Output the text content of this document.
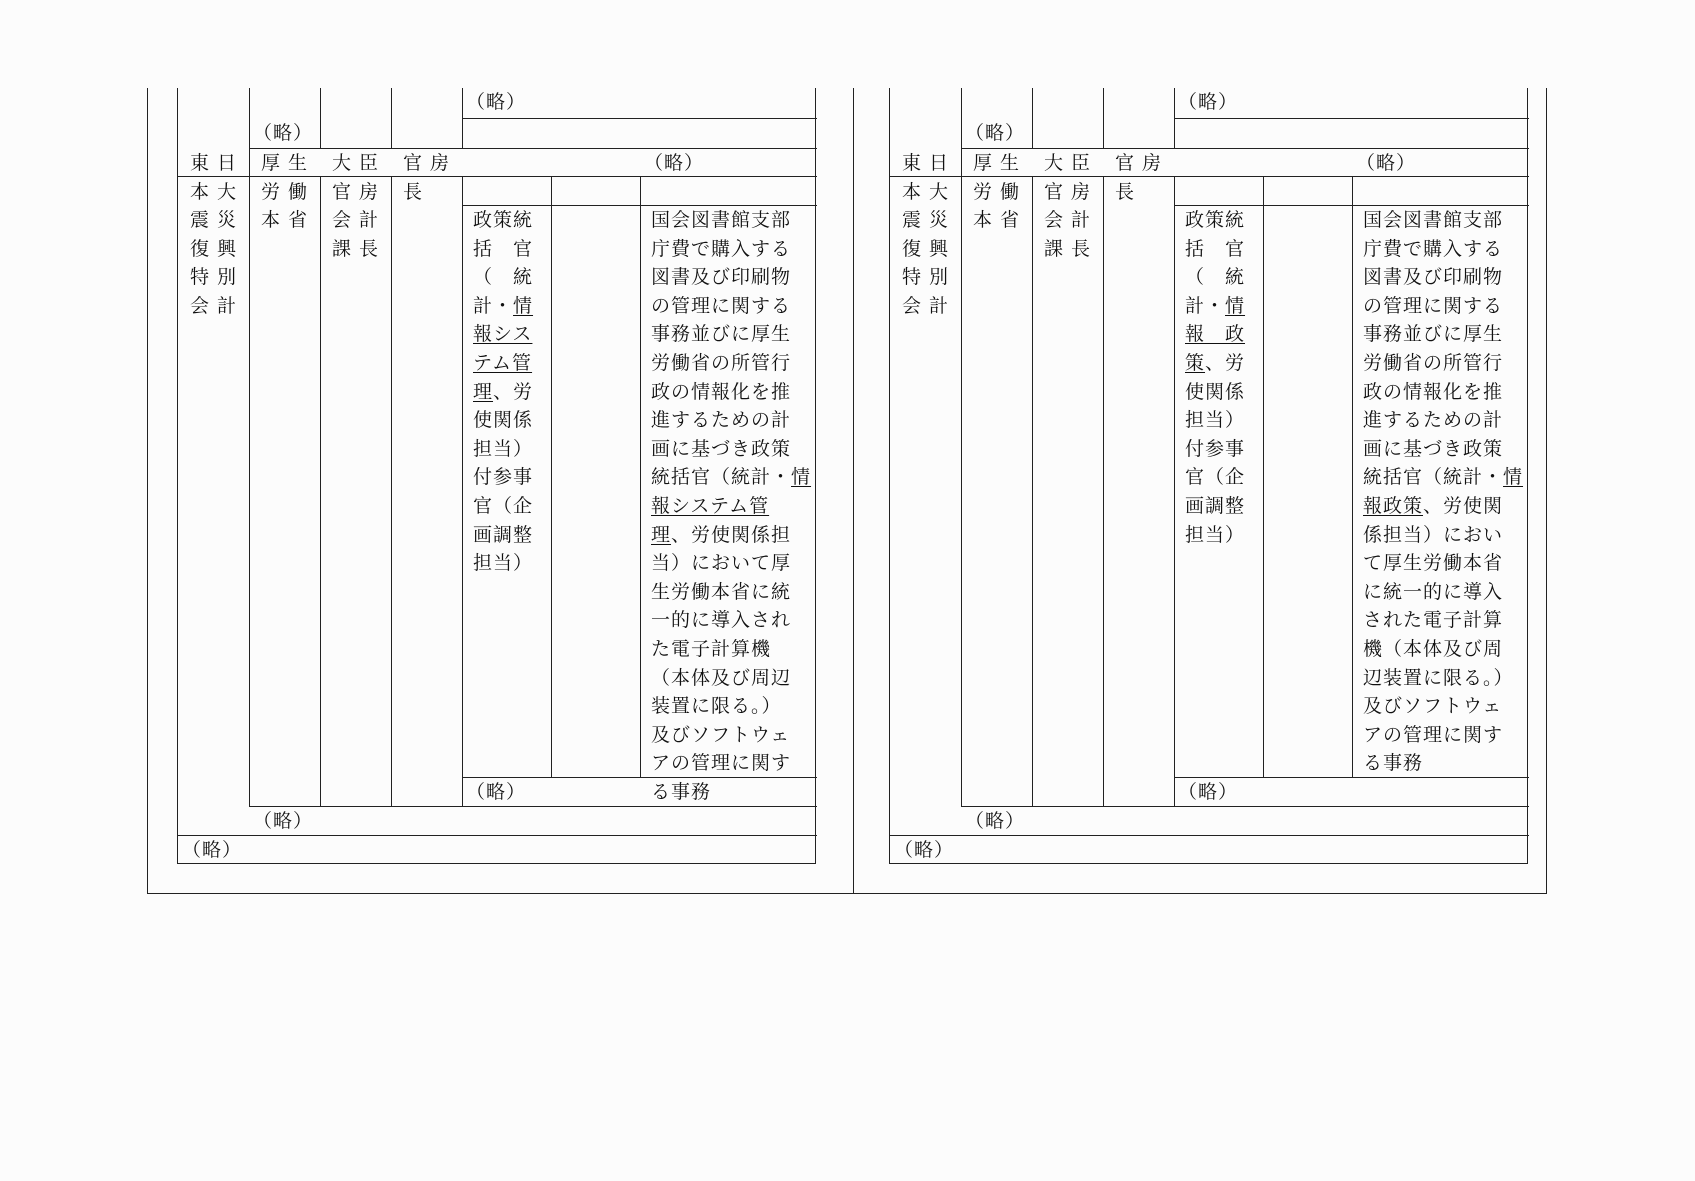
（略）
（略）
（略）
（略）
（略）
（略）
東日
本大
震災
復興
特別
会計
厚生
労働
本省
大臣
官房
会計
課長
官房
長
政策統
括　官
（　統
計・情
報シス
テム管
理、労
使関係
担当）
付参事
官（企
画調整
担当）
国会図書館支部
庁費で購入する
図書及び印刷物
の管理に関する
事務並びに厚生
労働省の所管行
政の情報化を推
進するための計
画に基づき政策
統括官（統計・情
報システム管
理、労使関係担
当）において厚
生労働本省に統
一的に導入され
た電子計算機
（本体及び周辺
装置に限る。）
及びソフトウェ
アの管理に関す
る事務
（略）
（略）
（略）
（略）
（略）
（略）
東日
本大
震災
復興
特別
会計
厚生
労働
本省
大臣
官房
会計
課長
官房
長
政策統
括　官
（　統
計・情
報　政
策、労
使関係
担当）
付参事
官（企
画調整
担当）
国会図書館支部
庁費で購入する
図書及び印刷物
の管理に関する
事務並びに厚生
労働省の所管行
政の情報化を推
進するための計
画に基づき政策
統括官（統計・情
報政策、労使関
係担当）におい
て厚生労働本省
に統一的に導入
された電子計算
機（本体及び周
辺装置に限る。）
及びソフトウェ
アの管理に関す
る事務
